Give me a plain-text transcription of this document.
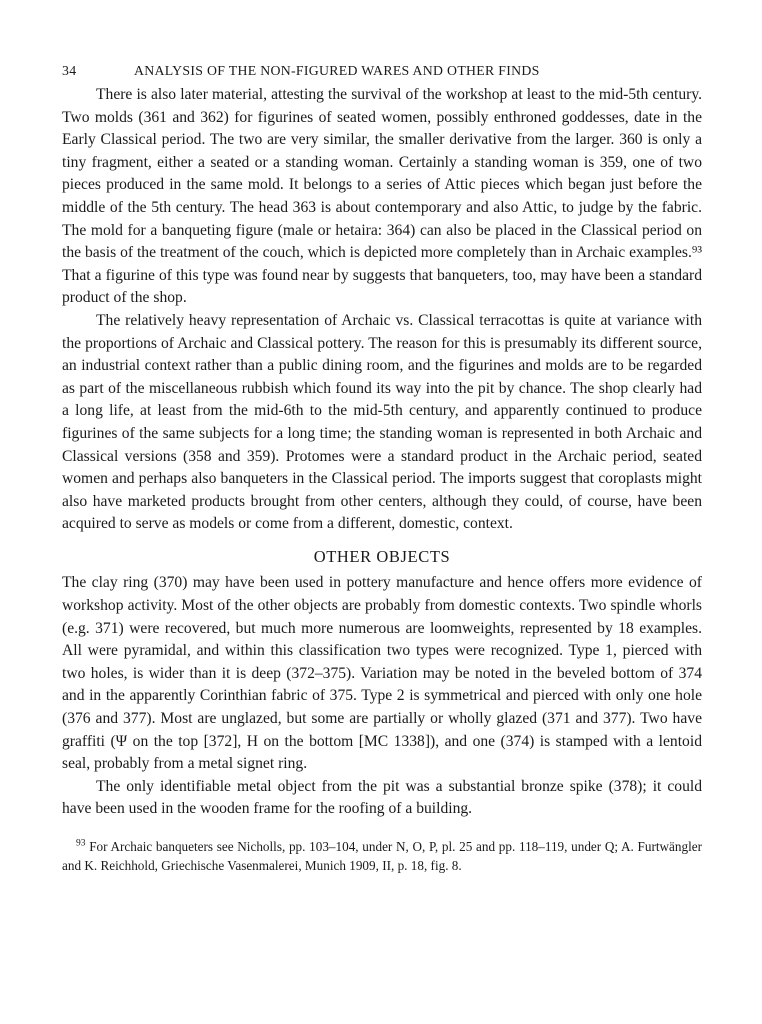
34	ANALYSIS OF THE NON-FIGURED WARES AND OTHER FINDS

There is also later material, attesting the survival of the workshop at least to the mid-5th century. Two molds (361 and 362) for figurines of seated women, possibly enthroned goddesses, date in the Early Classical period. The two are very similar, the smaller derivative from the larger. 360 is only a tiny fragment, either a seated or a standing woman. Certainly a standing woman is 359, one of two pieces produced in the same mold. It belongs to a series of Attic pieces which began just before the middle of the 5th century. The head 363 is about contemporary and also Attic, to judge by the fabric. The mold for a banqueting figure (male or hetaira: 364) can also be placed in the Classical period on the basis of the treatment of the couch, which is depicted more completely than in Archaic examples.⁹³ That a figurine of this type was found near by suggests that banqueters, too, may have been a standard product of the shop.

The relatively heavy representation of Archaic vs. Classical terracottas is quite at variance with the proportions of Archaic and Classical pottery. The reason for this is presumably its different source, an industrial context rather than a public dining room, and the figurines and molds are to be regarded as part of the miscellaneous rubbish which found its way into the pit by chance. The shop clearly had a long life, at least from the mid-6th to the mid-5th century, and apparently continued to produce figurines of the same subjects for a long time; the standing woman is represented in both Archaic and Classical versions (358 and 359). Protomes were a standard product in the Archaic period, seated women and perhaps also banqueters in the Classical period. The imports suggest that coroplasts might also have marketed products brought from other centers, although they could, of course, have been acquired to serve as models or come from a different, domestic, context.

OTHER OBJECTS

The clay ring (370) may have been used in pottery manufacture and hence offers more evidence of workshop activity. Most of the other objects are probably from domestic contexts. Two spindle whorls (e.g. 371) were recovered, but much more numerous are loomweights, represented by 18 examples. All were pyramidal, and within this classification two types were recognized. Type 1, pierced with two holes, is wider than it is deep (372–375). Variation may be noted in the beveled bottom of 374 and in the apparently Corinthian fabric of 375. Type 2 is symmetrical and pierced with only one hole (376 and 377). Most are unglazed, but some are partially or wholly glazed (371 and 377). Two have graffiti (Ψ on the top [372], H on the bottom [MC 1338]), and one (374) is stamped with a lentoid seal, probably from a metal signet ring.

The only identifiable metal object from the pit was a substantial bronze spike (378); it could have been used in the wooden frame for the roofing of a building.

$^{93}$ For Archaic banqueters see Nicholls, pp. 103–104, under N, O, P, pl. 25 and pp. 118–119, under Q; A. Furtwängler and K. Reichhold, Griechische Vasenmalerei, Munich 1909, II, p. 18, fig. 8.
